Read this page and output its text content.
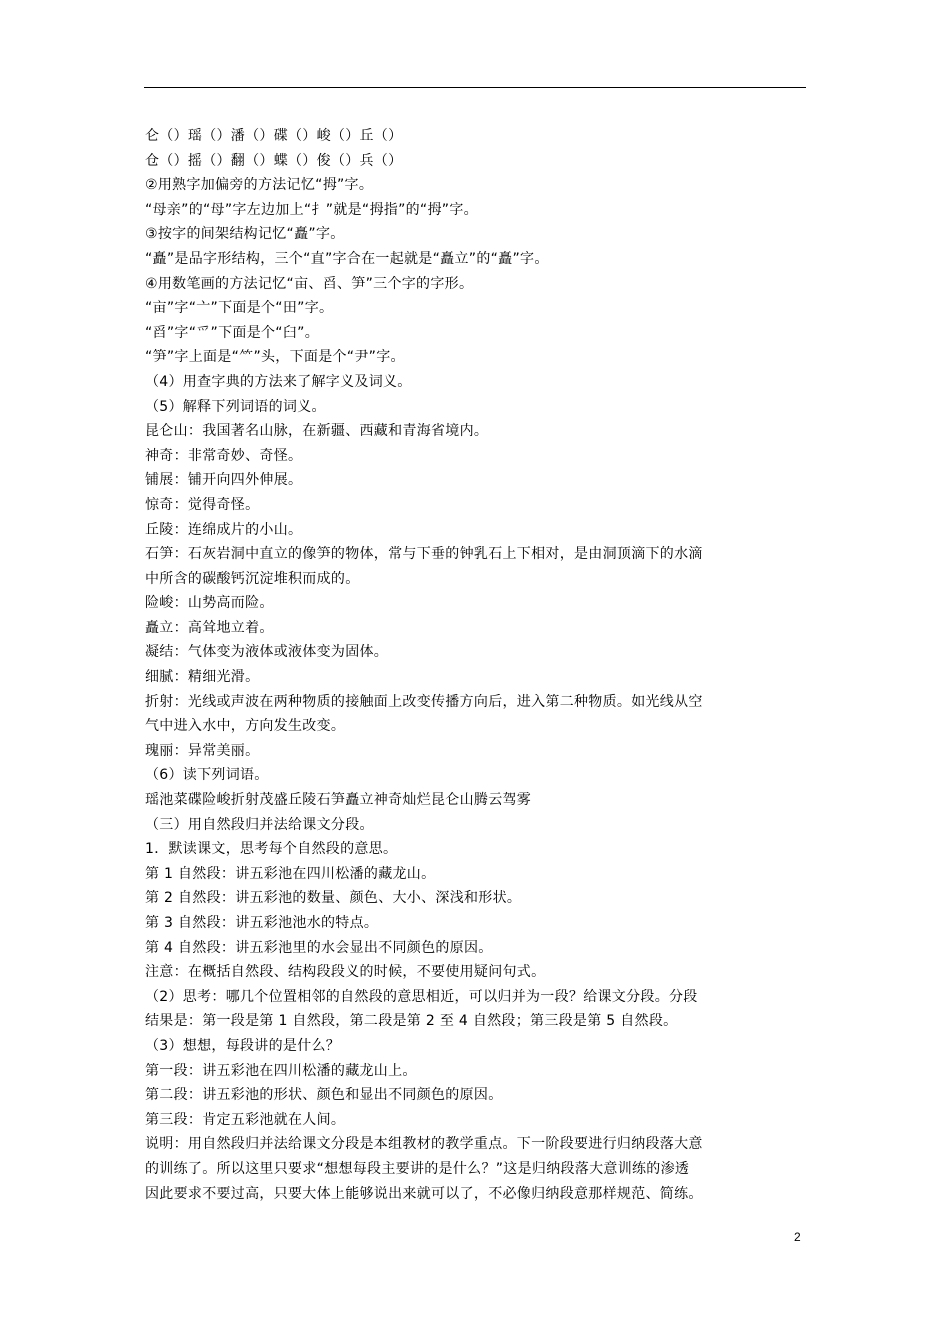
仑（）瑶（）潘（）碟（）峻（）丘（）

仓（）摇（）翻（）蝶（）俊（）兵（）

②用熟字加偏旁的方法记忆“拇”字。

“母亲”的“母”字左边加上“扌”就是“拇指”的“拇”字。

③按字的间架结构记忆“矗”字。

“矗”是品字形结构，三个“直”字合在一起就是“矗立”的“矗”字。

④用数笔画的方法记忆“亩、舀、笋”三个字的字形。

“亩”字“亠”下面是个“田”字。

“舀”字“爫”下面是个“臼”。

“笋”字上面是“⺮”头，下面是个“尹”字。

（4）用查字典的方法来了解字义及词义。

（5）解释下列词语的词义。

昆仑山：我国著名山脉，在新疆、西藏和青海省境内。

神奇：非常奇妙、奇怪。

铺展：铺开向四外伸展。

惊奇：觉得奇怪。

丘陵：连绵成片的小山。

石笋：石灰岩洞中直立的像笋的物体，常与下垂的钟乳石上下相对，是由洞顶滴下的水滴

中所含的碳酸钙沉淀堆积而成的。

险峻：山势高而险。

矗立：高耸地立着。

凝结：气体变为液体或液体变为固体。

细腻：精细光滑。

折射：光线或声波在两种物质的接触面上改变传播方向后，进入第二种物质。如光线从空

气中进入水中，方向发生改变。

瑰丽：异常美丽。

（6）读下列词语。

瑶池菜碟险峻折射茂盛丘陵石笋矗立神奇灿烂昆仑山腾云驾雾

（三）用自然段归并法给课文分段。

1．默读课文，思考每个自然段的意思。

第 1 自然段：讲五彩池在四川松潘的藏龙山。

第 2 自然段：讲五彩池的数量、颜色、大小、深浅和形状。

第 3 自然段：讲五彩池池水的特点。

第 4 自然段：讲五彩池里的水会显出不同颜色的原因。

注意：在概括自然段、结构段段义的时候，不要使用疑问句式。

（2）思考：哪几个位置相邻的自然段的意思相近，可以归并为一段？给课文分段。分段

结果是：第一段是第 1 自然段，第二段是第 2 至 4 自然段；第三段是第 5 自然段。

（3）想想，每段讲的是什么？

第一段：讲五彩池在四川松潘的藏龙山上。

第二段：讲五彩池的形状、颜色和显出不同颜色的原因。

第三段：肯定五彩池就在人间。

说明：用自然段归并法给课文分段是本组教材的教学重点。下一阶段要进行归纳段落大意

的训练了。所以这里只要求“想想每段主要讲的是什么？”这是归纳段落大意训练的渗透

因此要求不要过高，只要大体上能够说出来就可以了，不必像归纳段意那样规范、简练。

2
